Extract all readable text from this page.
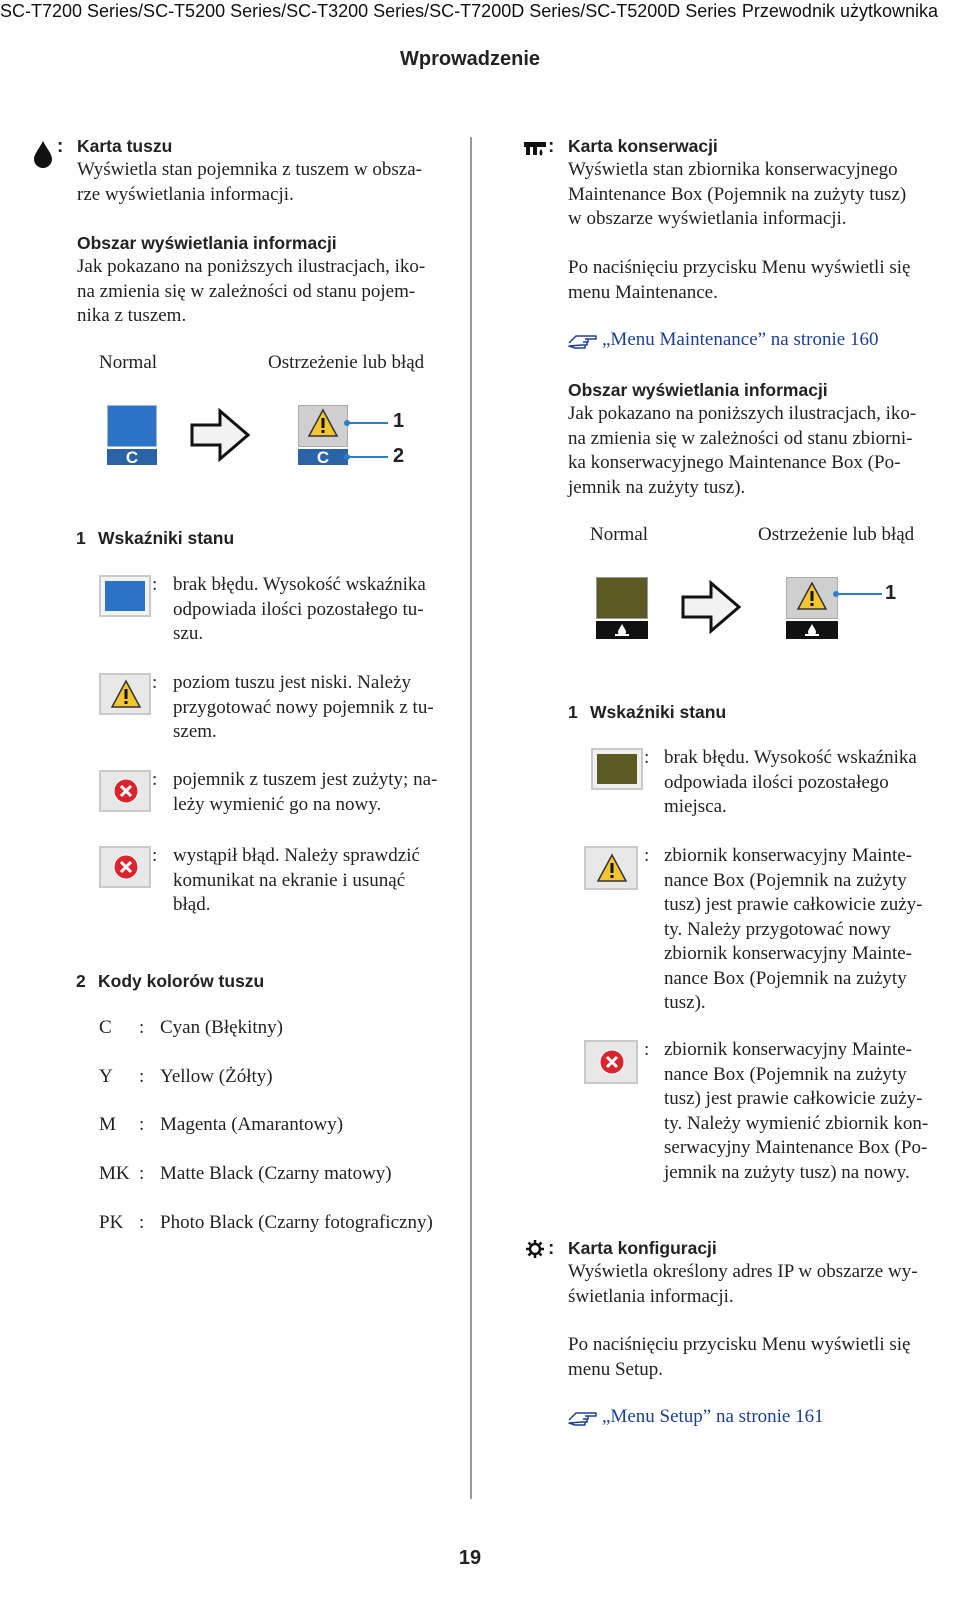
SC-T7200 Series/SC-T5200 Series/SC-T3200 Series/SC-T7200D Series/SC-T5200D Series Przewodnik użytkownika
Wprowadzenie
: Karta tuszu
Wyświetla stan pojemnika z tuszem w obsza-
rze wyświetlania informacji.
Obszar wyświetlania informacji
Jak pokazano na poniższych ilustracjach, iko-
na zmienia się w zależności od stanu pojem-
nika z tuszem.
Normal	Ostrzeżenie lub błąd
C	C
1
2
1 Wskaźniki stanu
: brak błędu. Wysokość wskaźnika
odpowiada ilości pozostałego tu-
szu.
: poziom tuszu jest niski. Należy
przygotować nowy pojemnik z tu-
szem.
: pojemnik z tuszem jest zużyty; na-
leży wymienić go na nowy.
: wystąpił błąd. Należy sprawdzić
komunikat na ekranie i usunąć
błąd.
2 Kody kolorów tuszu
C : Cyan (Błękitny)
Y : Yellow (Żółty)
M : Magenta (Amarantowy)
MK : Matte Black (Czarny matowy)
PK : Photo Black (Czarny fotograficzny)
: Karta konserwacji
Wyświetla stan zbiornika konserwacyjnego
Maintenance Box (Pojemnik na zużyty tusz)
w obszarze wyświetlania informacji.
Po naciśnięciu przycisku Menu wyświetli się
menu Maintenance.
„Menu Maintenance” na stronie 160
Obszar wyświetlania informacji
Jak pokazano na poniższych ilustracjach, iko-
na zmienia się w zależności od stanu zbiorni-
ka konserwacyjnego Maintenance Box (Po-
jemnik na zużyty tusz).
Normal	Ostrzeżenie lub błąd
1
1 Wskaźniki stanu
: brak błędu. Wysokość wskaźnika
odpowiada ilości pozostałego
miejsca.
: zbiornik konserwacyjny Mainte-
nance Box (Pojemnik na zużyty
tusz) jest prawie całkowicie zuży-
ty. Należy przygotować nowy
zbiornik konserwacyjny Mainte-
nance Box (Pojemnik na zużyty
tusz).
: zbiornik konserwacyjny Mainte-
nance Box (Pojemnik na zużyty
tusz) jest prawie całkowicie zuży-
ty. Należy wymienić zbiornik kon-
serwacyjny Maintenance Box (Po-
jemnik na zużyty tusz) na nowy.
: Karta konfiguracji
Wyświetla określony adres IP w obszarze wy-
świetlania informacji.
Po naciśnięciu przycisku Menu wyświetli się
menu Setup.
„Menu Setup” na stronie 161
19
